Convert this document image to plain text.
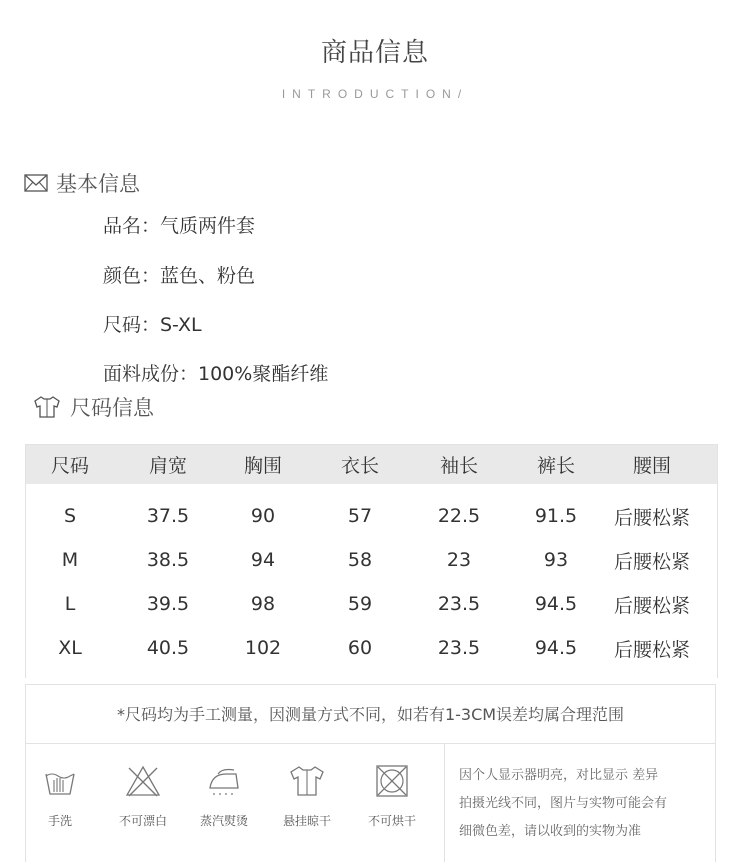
商品信息
INTRODUCTION/
基本信息
品名：气质两件套
颜色：蓝色、粉色
尺码：S-XL
面料成份：100%聚酯纤维
尺码信息
尺码	肩宽	胸围	衣长	袖长	裤长	腰围
S	37.5	90	57	22.5	91.5	后腰松紧
M	38.5	94	58	23	93	后腰松紧
L	39.5	98	59	23.5	94.5	后腰松紧
XL	40.5	102	60	23.5	94.5	后腰松紧
*尺码均为手工测量，因测量方式不同，如若有1-3CM误差均属合理范围
手洗	不可漂白	蒸汽熨烫	悬挂晾干	不可烘干
因个人显示器明亮，对比显示 差异
拍摄光线不同，图片与实物可能会有
细微色差，请以收到的实物为准
